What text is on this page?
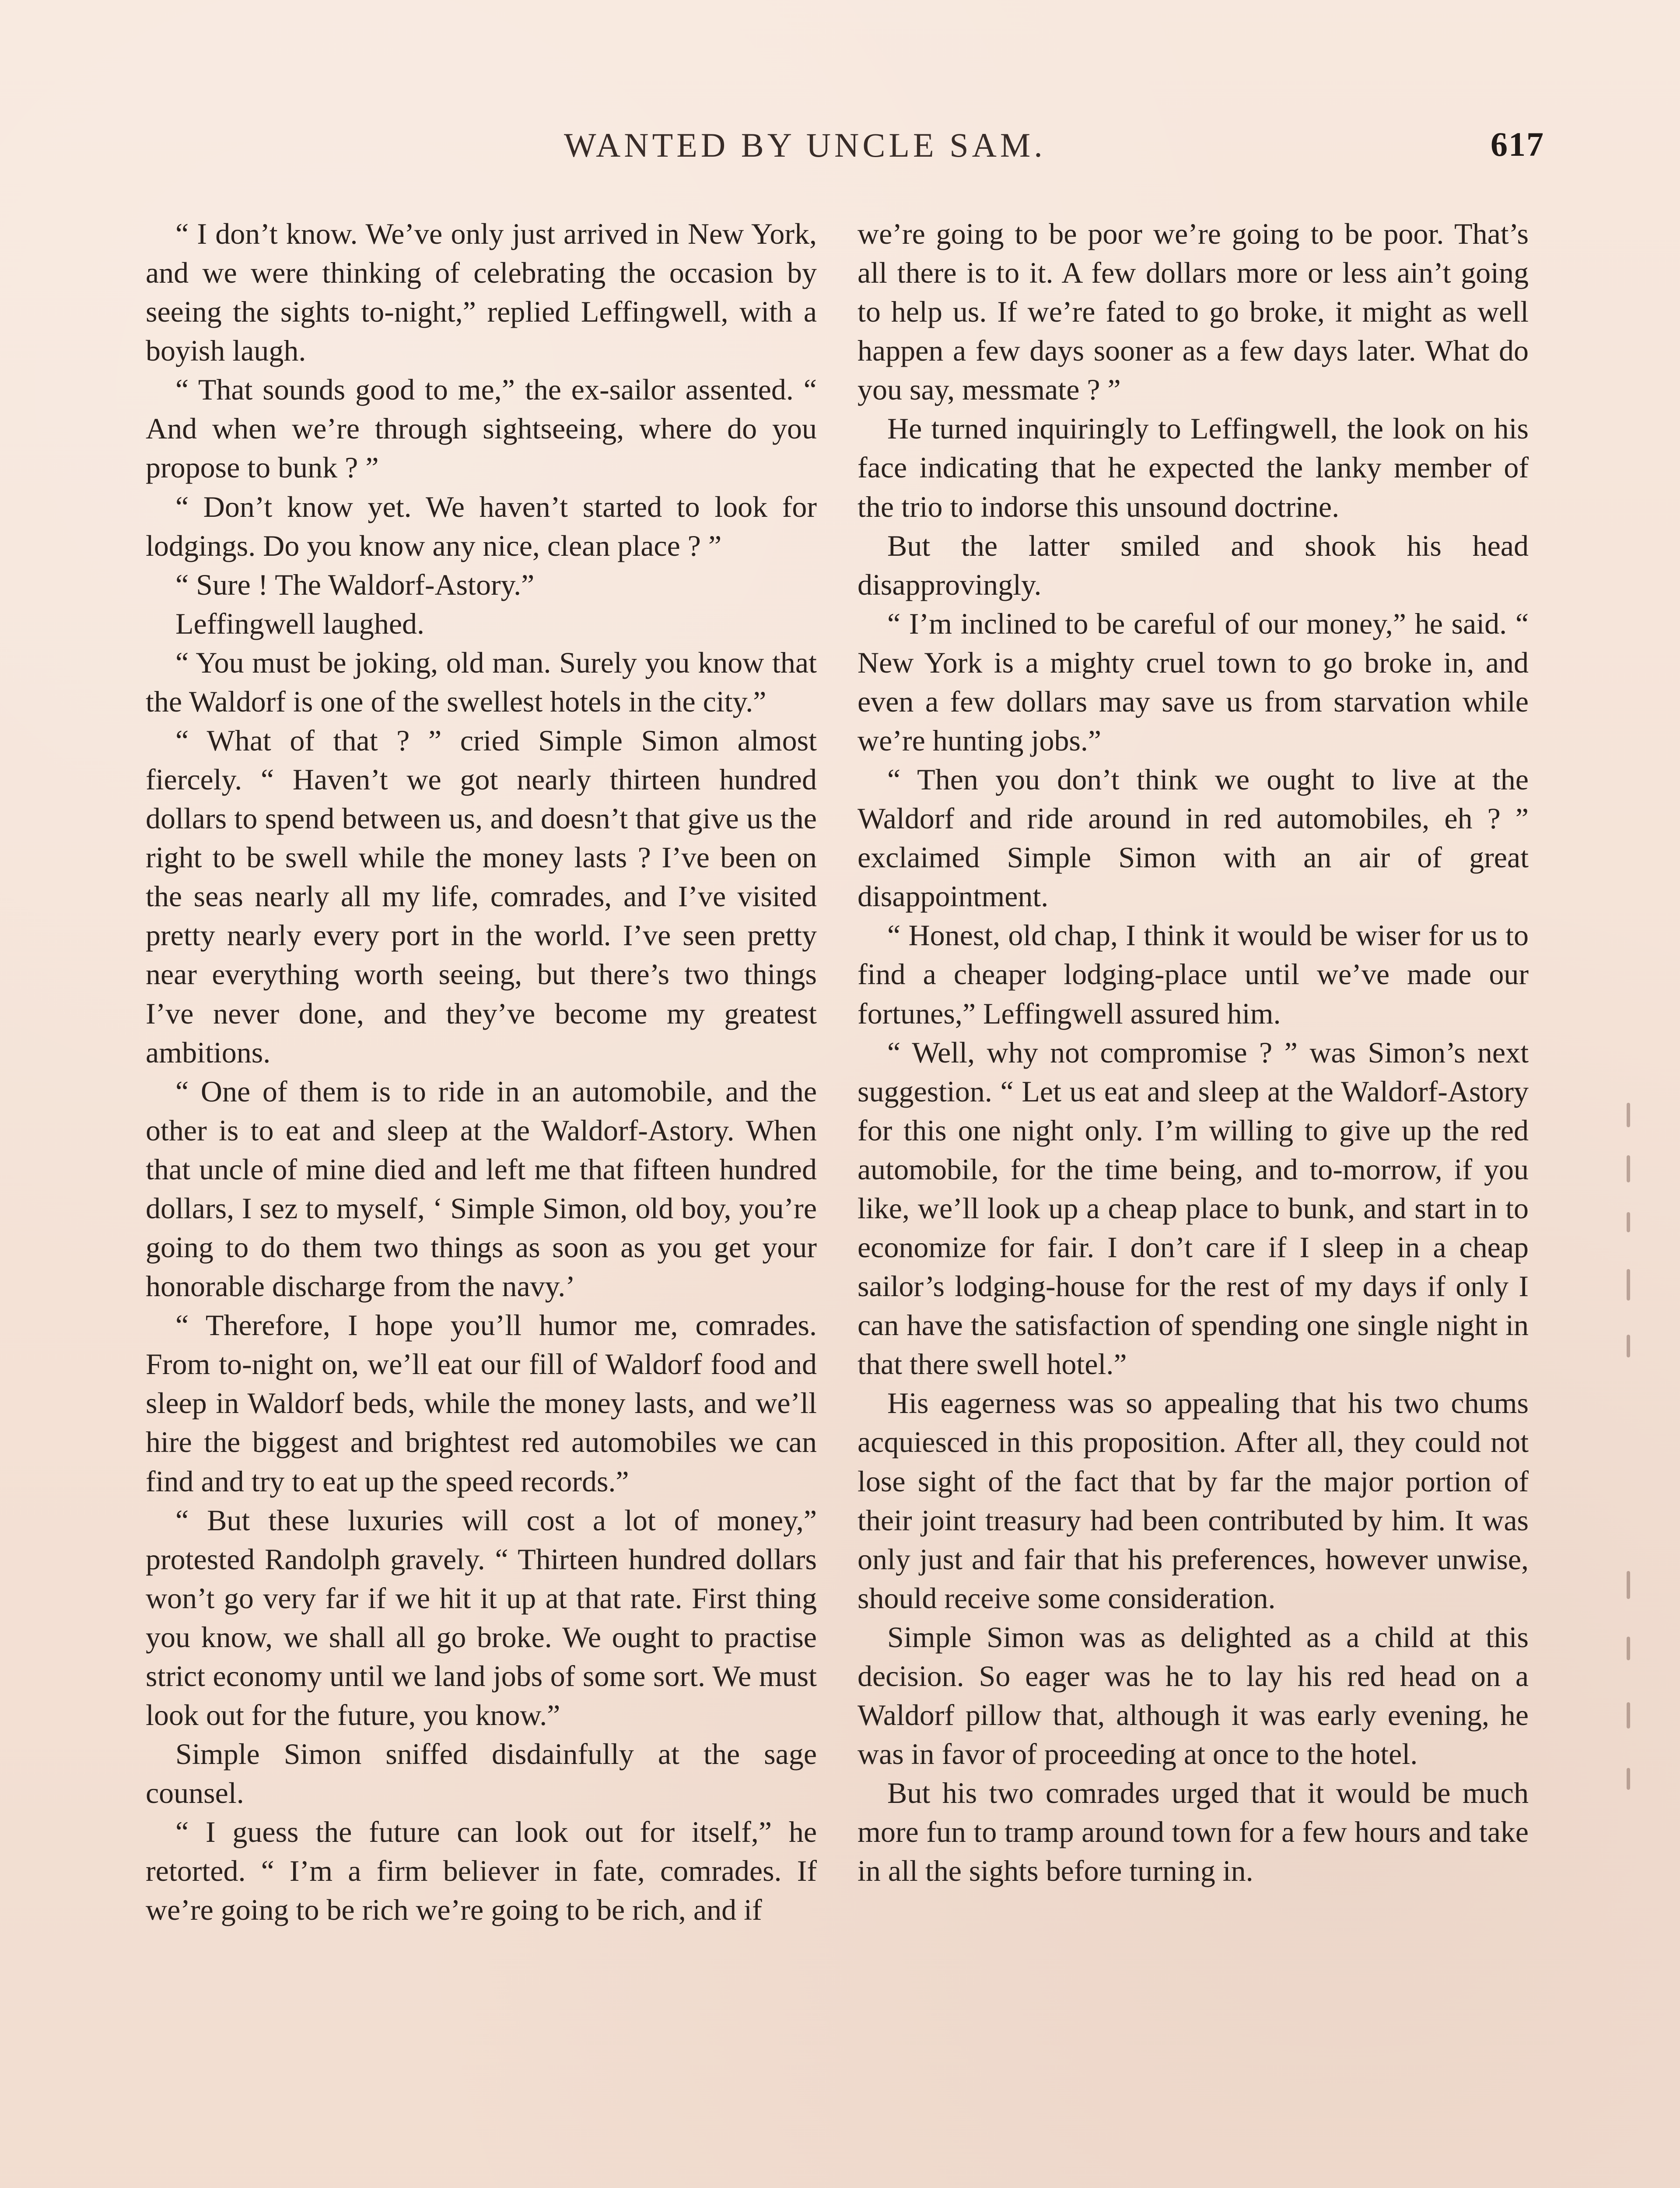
WANTED BY UNCLE SAM.	617

“ I don’t know. We’ve only just arrived in New York, and we were thinking of celebrating the occasion by seeing the sights to-night,” replied Leffingwell, with a boyish laugh.

“ That sounds good to me,” the ex-sailor assented. “ And when we’re through sightseeing, where do you propose to bunk ? ”

“ Don’t know yet. We haven’t started to look for lodgings. Do you know any nice, clean place ? ”

“ Sure ! The Waldorf-Astory.”

Leffingwell laughed.

“ You must be joking, old man. Surely you know that the Waldorf is one of the swellest hotels in the city.”

“ What of that ? ” cried Simple Simon almost fiercely. “ Haven’t we got nearly thirteen hundred dollars to spend between us, and doesn’t that give us the right to be swell while the money lasts ? I’ve been on the seas nearly all my life, comrades, and I’ve visited pretty nearly every port in the world. I’ve seen pretty near everything worth seeing, but there’s two things I’ve never done, and they’ve become my greatest ambitions.

“ One of them is to ride in an automobile, and the other is to eat and sleep at the Waldorf-Astory. When that uncle of mine died and left me that fifteen hundred dollars, I sez to myself, ‘ Simple Simon, old boy, you’re going to do them two things as soon as you get your honorable discharge from the navy.’

“ Therefore, I hope you’ll humor me, comrades. From to-night on, we’ll eat our fill of Waldorf food and sleep in Waldorf beds, while the money lasts, and we’ll hire the biggest and brightest red automobiles we can find and try to eat up the speed records.”

“ But these luxuries will cost a lot of money,” protested Randolph gravely. “ Thirteen hundred dollars won’t go very far if we hit it up at that rate. First thing you know, we shall all go broke. We ought to practise strict economy until we land jobs of some sort. We must look out for the future, you know.”

Simple Simon sniffed disdainfully at the sage counsel.

“ I guess the future can look out for itself,” he retorted. “ I’m a firm believer in fate, comrades. If we’re going to be rich we’re going to be rich, and if

we’re going to be poor we’re going to be poor. That’s all there is to it. A few dollars more or less ain’t going to help us. If we’re fated to go broke, it might as well happen a few days sooner as a few days later. What do you say, messmate ? ”

He turned inquiringly to Leffingwell, the look on his face indicating that he expected the lanky member of the trio to indorse this unsound doctrine.

But the latter smiled and shook his head disapprovingly.

“ I’m inclined to be careful of our money,” he said. “ New York is a mighty cruel town to go broke in, and even a few dollars may save us from starvation while we’re hunting jobs.”

“ Then you don’t think we ought to live at the Waldorf and ride around in red automobiles, eh ? ” exclaimed Simple Simon with an air of great disappointment.

“ Honest, old chap, I think it would be wiser for us to find a cheaper lodging-place until we’ve made our fortunes,” Leffingwell assured him.

“ Well, why not compromise ? ” was Simon’s next suggestion. “ Let us eat and sleep at the Waldorf-Astory for this one night only. I’m willing to give up the red automobile, for the time being, and to-morrow, if you like, we’ll look up a cheap place to bunk, and start in to economize for fair. I don’t care if I sleep in a cheap sailor’s lodging-house for the rest of my days if only I can have the satisfaction of spending one single night in that there swell hotel.”

His eagerness was so appealing that his two chums acquiesced in this proposition. After all, they could not lose sight of the fact that by far the major portion of their joint treasury had been contributed by him. It was only just and fair that his preferences, however unwise, should receive some consideration.

Simple Simon was as delighted as a child at this decision. So eager was he to lay his red head on a Waldorf pillow that, although it was early evening, he was in favor of proceeding at once to the hotel.

But his two comrades urged that it would be much more fun to tramp around town for a few hours and take in all the sights before turning in.
